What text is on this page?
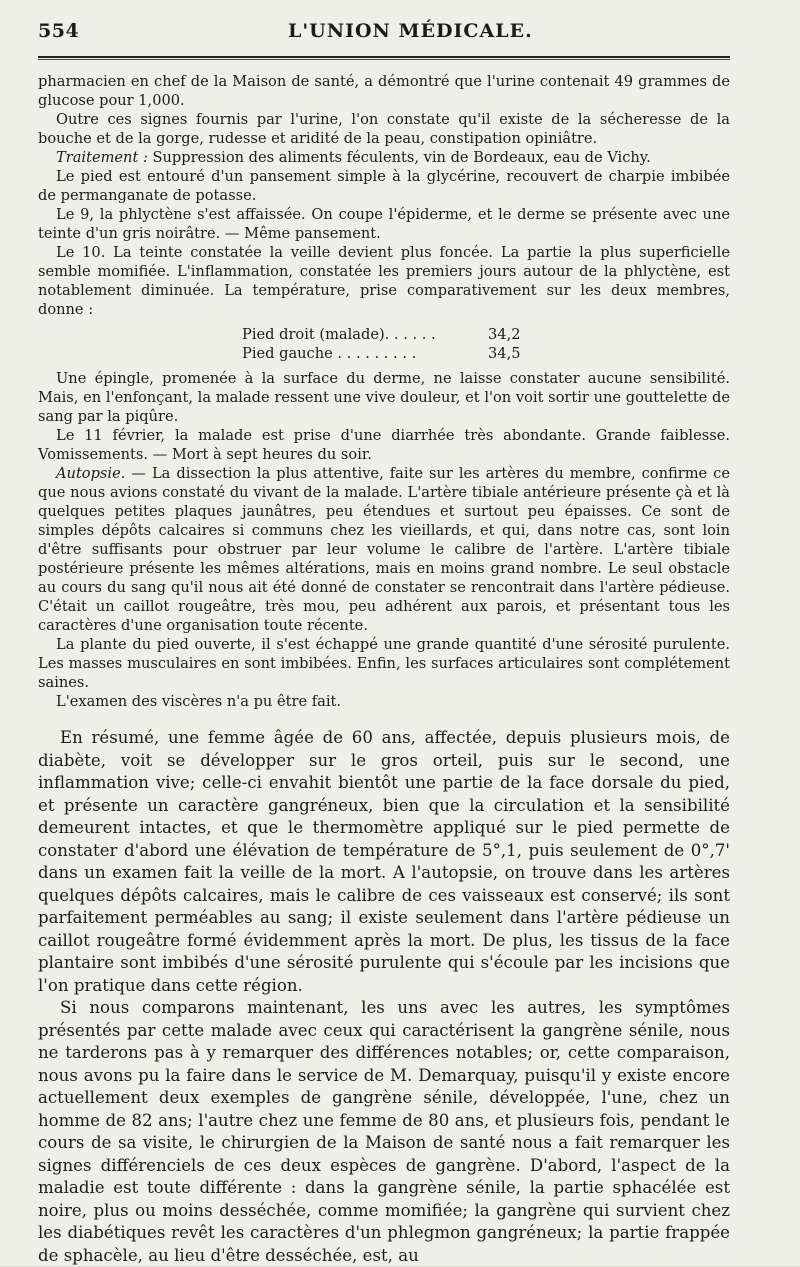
554	L'UNION MÉDICALE.

pharmacien en chef de la Maison de santé, a démontré que l'urine contenait 49 grammes de glucose pour 1,000.

Outre ces signes fournis par l'urine, l'on constate qu'il existe de la sécheresse de la bouche et de la gorge, rudesse et aridité de la peau, constipation opiniâtre.

Traitement : Suppression des aliments féculents, vin de Bordeaux, eau de Vichy.

Le pied est entouré d'un pansement simple à la glycérine, recouvert de charpie imbibée de permanganate de potasse.

Le 9, la phlyctène s'est affaissée. On coupe l'épiderme, et le derme se présente avec une teinte d'un gris noirâtre. — Même pansement.

Le 10. La teinte constatée la veille devient plus foncée. La partie la plus superficielle semble momifiée. L'inflammation, constatée les premiers jours autour de la phlyctène, est notablement diminuée. La température, prise comparativement sur les deux membres, donne :

Pied droit (malade). . . . . .	34,2
Pied gauche . . . . . . . . .	34,5

Une épingle, promenée à la surface du derme, ne laisse constater aucune sensibilité. Mais, en l'enfonçant, la malade ressent une vive douleur, et l'on voit sortir une gouttelette de sang par la piqûre.

Le 11 février, la malade est prise d'une diarrhée très abondante. Grande faiblesse. Vomissements. — Mort à sept heures du soir.

Autopsie. — La dissection la plus attentive, faite sur les artères du membre, confirme ce que nous avions constaté du vivant de la malade. L'artère tibiale antérieure présente çà et là quelques petites plaques jaunâtres, peu étendues et surtout peu épaisses. Ce sont de simples dépôts calcaires si communs chez les vieillards, et qui, dans notre cas, sont loin d'être suffisants pour obstruer par leur volume le calibre de l'artère. L'artère tibiale postérieure présente les mêmes altérations, mais en moins grand nombre. Le seul obstacle au cours du sang qu'il nous ait été donné de constater se rencontrait dans l'artère pédieuse. C'était un caillot rougeâtre, très mou, peu adhérent aux parois, et présentant tous les caractères d'une organisation toute récente.

La plante du pied ouverte, il s'est échappé une grande quantité d'une sérosité purulente. Les masses musculaires en sont imbibées. Enfin, les surfaces articulaires sont complétement saines.

L'examen des viscères n'a pu être fait.

En résumé, une femme âgée de 60 ans, affectée, depuis plusieurs mois, de diabète, voit se développer sur le gros orteil, puis sur le second, une inflammation vive; celle-ci envahit bientôt une partie de la face dorsale du pied, et présente un caractère gangréneux, bien que la circulation et la sensibilité demeurent intactes, et que le thermomètre appliqué sur le pied permette de constater d'abord une élévation de température de 5°,1, puis seulement de 0°,7' dans un examen fait la veille de la mort. A l'autopsie, on trouve dans les artères quelques dépôts calcaires, mais le calibre de ces vaisseaux est conservé; ils sont parfaitement perméables au sang; il existe seulement dans l'artère pédieuse un caillot rougeâtre formé évidemment après la mort. De plus, les tissus de la face plantaire sont imbibés d'une sérosité purulente qui s'écoule par les incisions que l'on pratique dans cette région.

Si nous comparons maintenant, les uns avec les autres, les symptômes présentés par cette malade avec ceux qui caractérisent la gangrène sénile, nous ne tarderons pas à y remarquer des différences notables; or, cette comparaison, nous avons pu la faire dans le service de M. Demarquay, puisqu'il y existe encore actuellement deux exemples de gangrène sénile, développée, l'une, chez un homme de 82 ans; l'autre chez une femme de 80 ans, et plusieurs fois, pendant le cours de sa visite, le chirurgien de la Maison de santé nous a fait remarquer les signes différenciels de ces deux espèces de gangrène. D'abord, l'aspect de la maladie est toute différente : dans la gangrène sénile, la partie sphacélée est noire, plus ou moins desséchée, comme momifiée; la gangrène qui survient chez les diabétiques revêt les caractères d'un phlegmon gangréneux; la partie frappée de sphacèle, au lieu d'être desséchée, est, au
